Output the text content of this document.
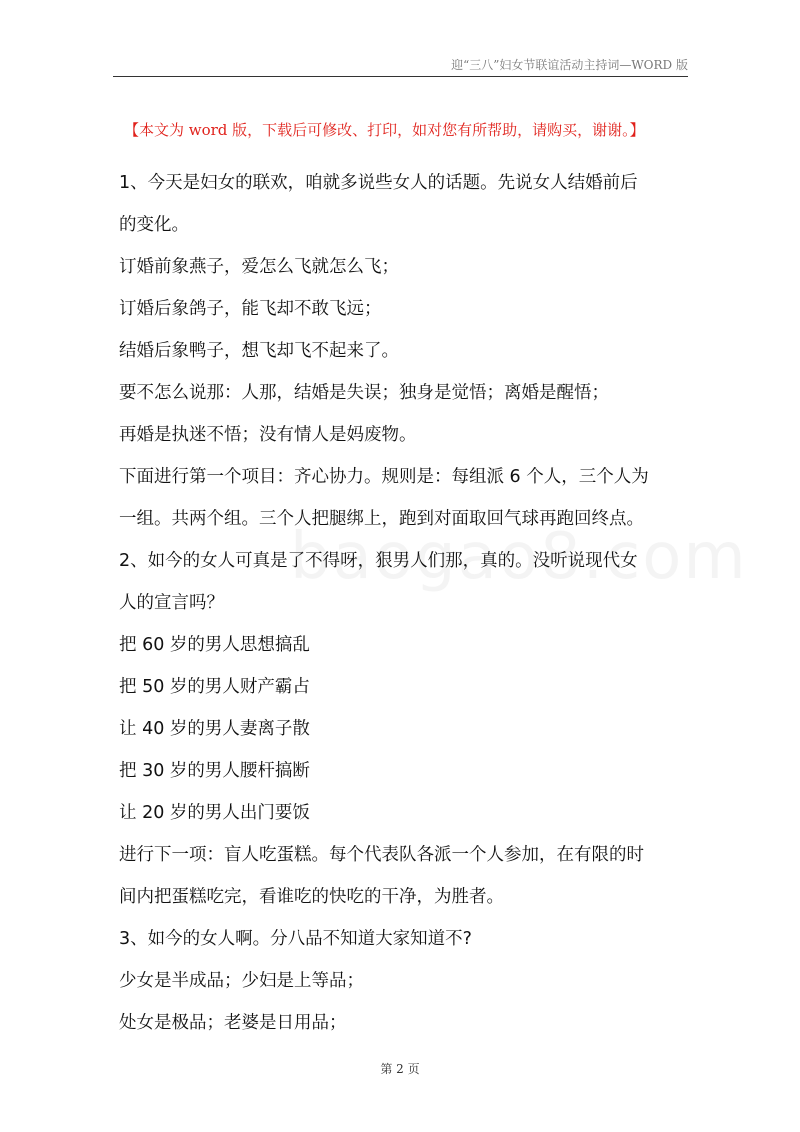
迎“三八”妇女节联谊活动主持词—WORD 版
【本文为 word 版，下载后可修改、打印，如对您有所帮助，请购买，谢谢。】

1、今天是妇女的联欢，咱就多说些女人的话题。先说女人结婚前后

的变化。

订婚前象燕子，爱怎么飞就怎么飞；

订婚后象鸽子，能飞却不敢飞远；

结婚后象鸭子，想飞却飞不起来了。

要不怎么说那：人那，结婚是失误；独身是觉悟；离婚是醒悟；

再婚是执迷不悟；没有情人是妈废物。

下面进行第一个项目：齐心协力。规则是：每组派 6 个人，三个人为

一组。共两个组。三个人把腿绑上，跑到对面取回气球再跑回终点。

2、如今的女人可真是了不得呀，狠男人们那，真的。没听说现代女

人的宣言吗？

把 60 岁的男人思想搞乱

把 50 岁的男人财产霸占

让 40 岁的男人妻离子散

把 30 岁的男人腰杆搞断

让 20 岁的男人出门要饭

进行下一项：盲人吃蛋糕。每个代表队各派一个人参加，在有限的时

间内把蛋糕吃完，看谁吃的快吃的干净，为胜者。

3、如今的女人啊。分八品不知道大家知道不?

少女是半成品；少妇是上等品；

处女是极品；老婆是日用品；

第 2 页
